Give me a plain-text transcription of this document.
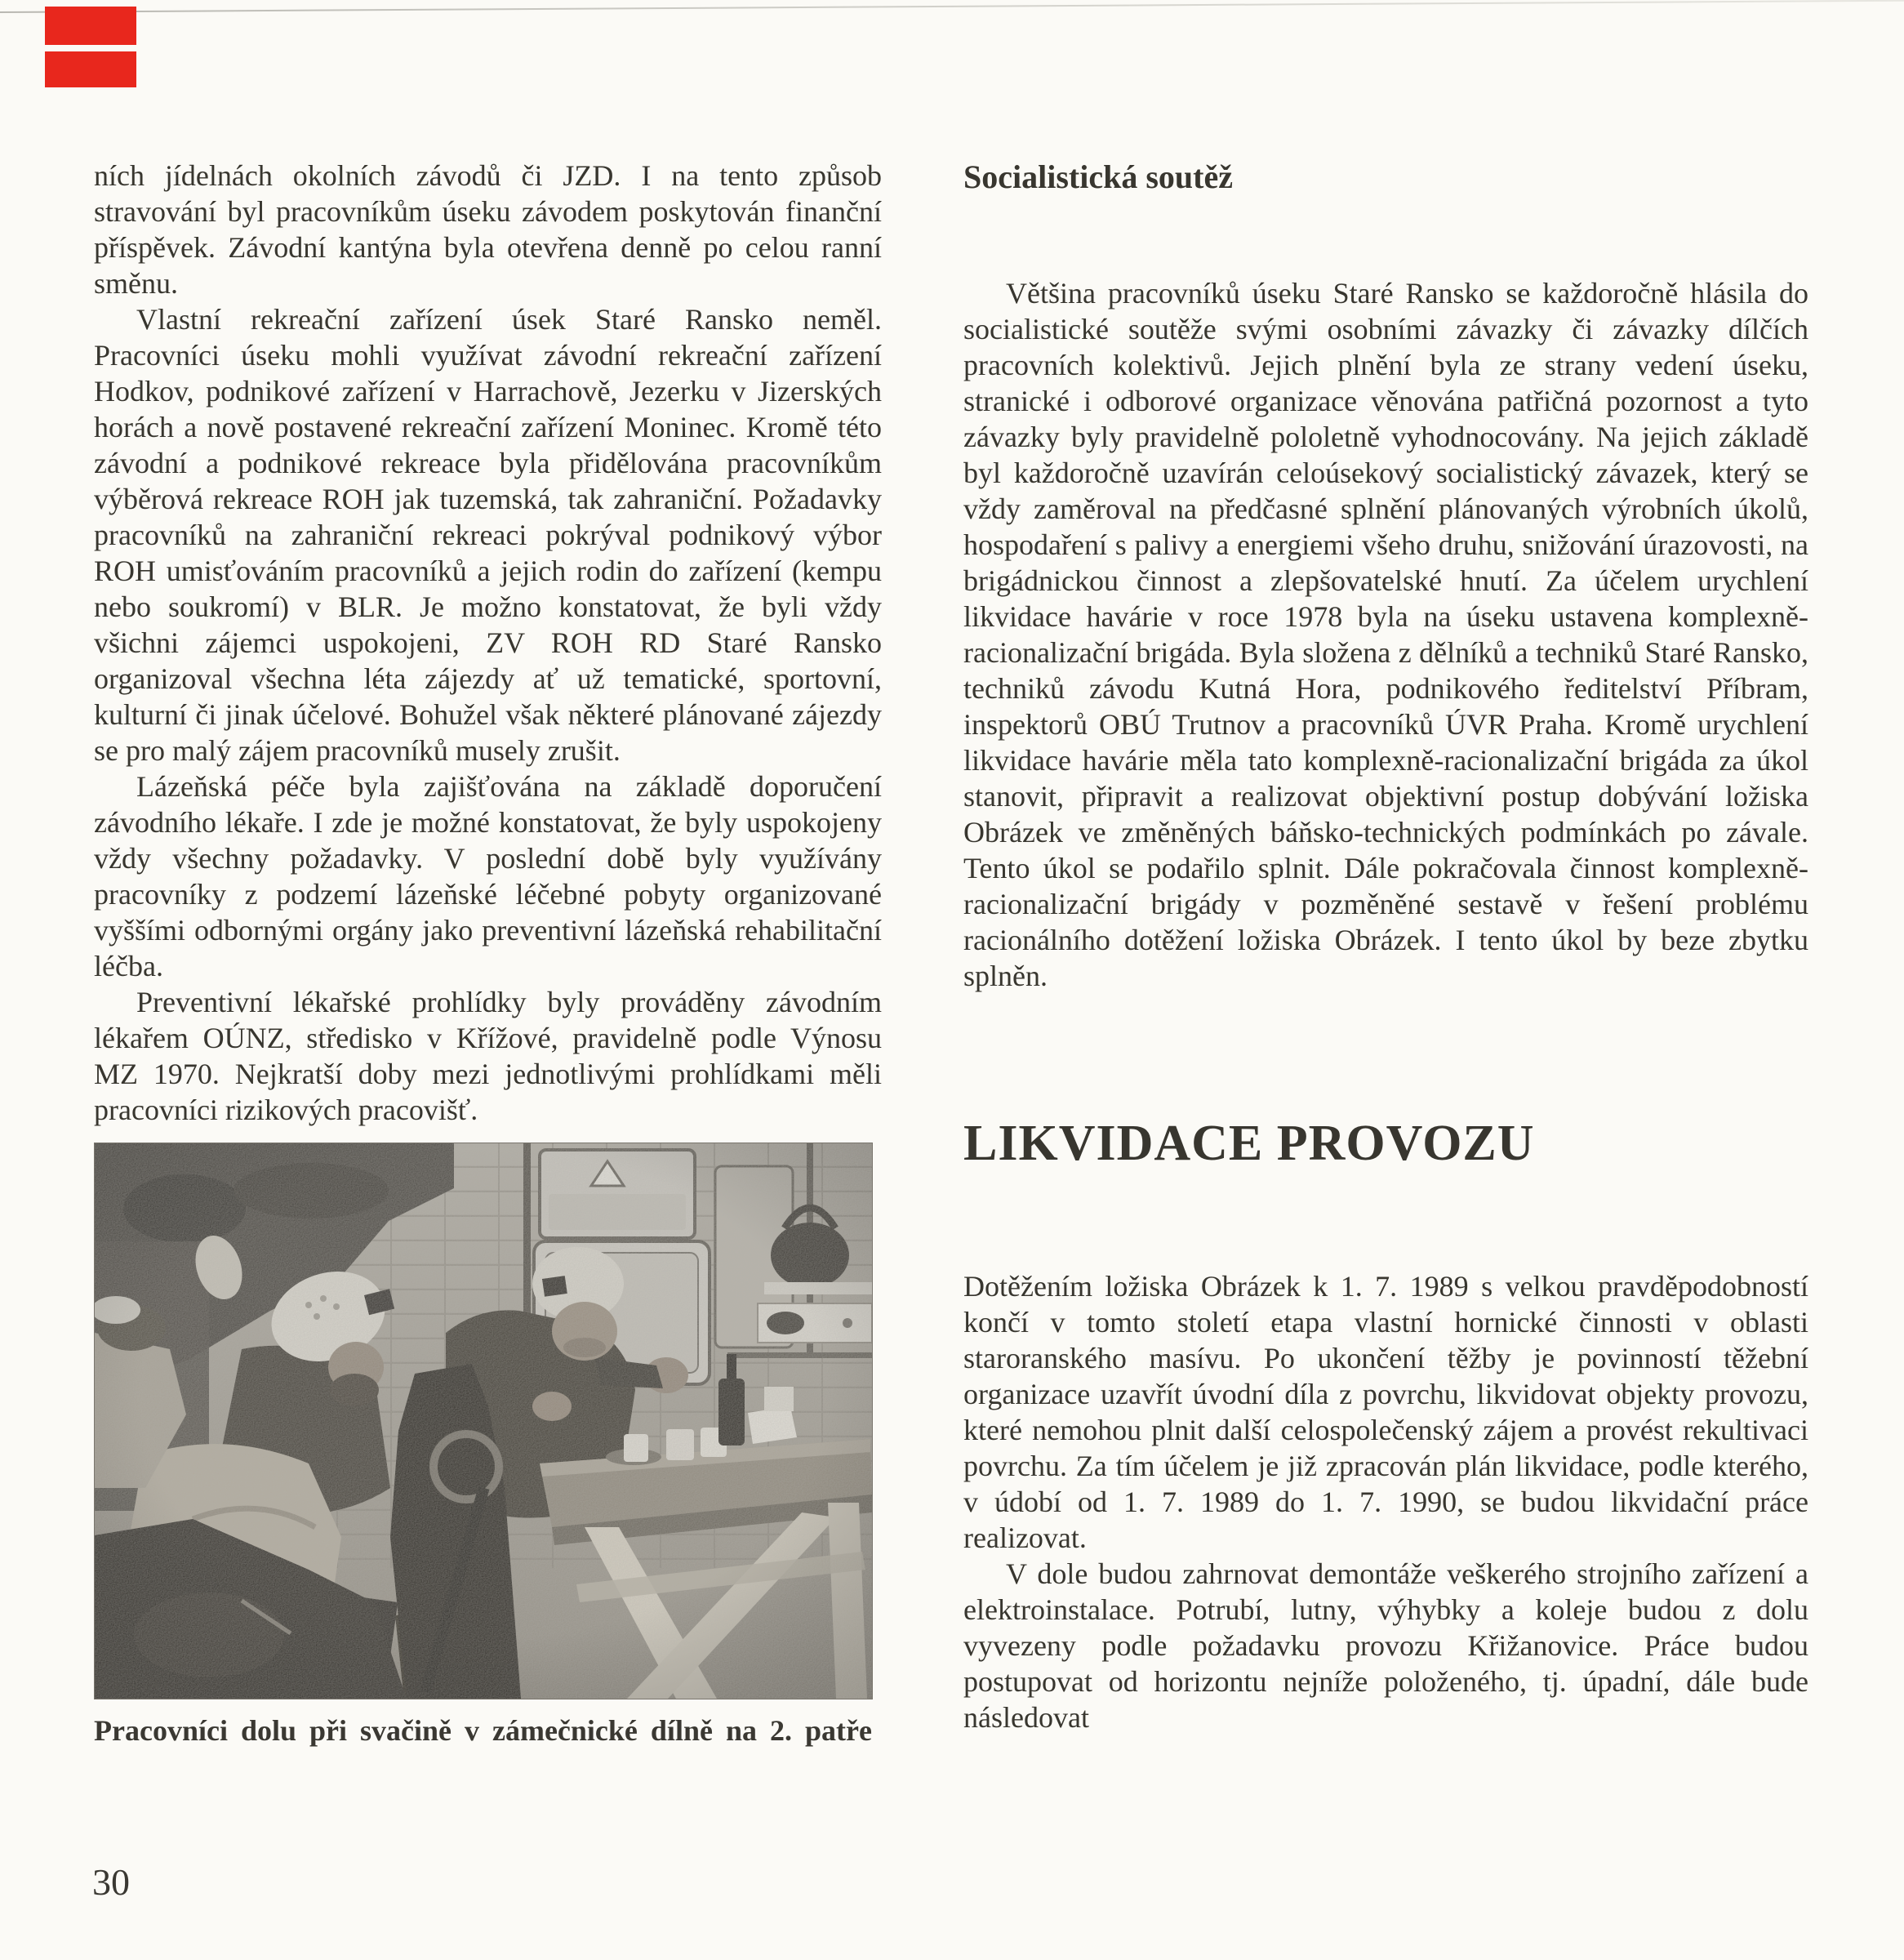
ních jídelnách okolních závodů či JZD. I na tento způsob stravování byl pracovníkům úseku závodem poskytován finanční příspěvek. Závodní kantýna byla otevřena denně po celou ranní směnu.

Vlastní rekreační zařízení úsek Staré Ransko neměl. Pracovníci úseku mohli využívat závodní rekreační zařízení Hodkov, podnikové zařízení v Harrachově, Jezerku v Jizerských horách a nově postavené rekreační zařízení Moninec. Kromě této závodní a podnikové rekreace byla přidělována pracovníkům výběrová rekreace ROH jak tuzemská, tak zahraniční. Požadavky pracovníků na zahraniční rekreaci pokrýval podnikový výbor ROH umisťováním pracovníků a jejich rodin do zařízení (kempu nebo soukromí) v BLR. Je možno konstatovat, že byli vždy všichni zájemci uspokojeni, ZV ROH RD Staré Ransko organizoval všechna léta zájezdy ať už tematické, sportovní, kulturní či jinak účelové. Bohužel však některé plánované zájezdy se pro malý zájem pracovníků musely zrušit.

Lázeňská péče byla zajišťována na základě doporučení závodního lékaře. I zde je možné konstatovat, že byly uspokojeny vždy všechny požadavky. V poslední době byly využívány pracovníky z podzemí lázeňské léčebné pobyty organizované vyššími odbornými orgány jako preventivní lázeňská rehabilitační léčba.

Preventivní lékařské prohlídky byly prováděny závodním lékařem OÚNZ, středisko v Křížové, pravidelně podle Výnosu MZ 1970. Nejkratší doby mezi jednotlivými prohlídkami měli pracovníci rizikových pracovišť.

Pracovníci dolu při svačině v zámečnické dílně na 2. patře
Socialistická soutěž

Většina pracovníků úseku Staré Ransko se každoročně hlásila do socialistické soutěže svými osobními závazky či závazky dílčích pracovních kolektivů. Jejich plnění byla ze strany vedení úseku, stranické i odborové organizace věnována patřičná pozornost a tyto závazky byly pravidelně pololetně vyhodnocovány. Na jejich základě byl každoročně uzavírán celoúsekový socialistický závazek, který se vždy zaměroval na předčasné splnění plánovaných výrobních úkolů, hospodaření s palivy a energiemi všeho druhu, snižování úrazovosti, na brigádnickou činnost a zlepšovatelské hnutí. Za účelem urychlení likvidace havárie v roce 1978 byla na úseku ustavena komplexně-racionalizační brigáda. Byla složena z dělníků a techniků Staré Ransko, techniků závodu Kutná Hora, podnikového ředitelství Příbram, inspektorů OBÚ Trutnov a pracovníků ÚVR Praha. Kromě urychlení likvidace havárie měla tato komplexně-racionalizační brigáda za úkol stanovit, připravit a realizovat objektivní postup dobývání ložiska Obrázek ve změněných báňsko-technických podmínkách po závale. Tento úkol se podařilo splnit. Dále pokračovala činnost komplexně-racionalizační brigády v pozměněné sestavě v řešení problému racionálního dotěžení ložiska Obrázek. I tento úkol by beze zbytku splněn.

LIKVIDACE PROVOZU

Dotěžením ložiska Obrázek k 1. 7. 1989 s velkou pravděpodobností končí v tomto století etapa vlastní hornické činnosti v oblasti staroranského masívu. Po ukončení těžby je povinností těžební organizace uzavřít úvodní díla z povrchu, likvidovat objekty provozu, které nemohou plnit další celospolečenský zájem a provést rekultivaci povrchu. Za tím účelem je již zpracován plán likvidace, podle kterého, v údobí od 1. 7. 1989 do 1. 7. 1990, se budou likvidační práce realizovat.

V dole budou zahrnovat demontáže veškerého strojního zařízení a elektroinstalace. Potrubí, lutny, výhybky a koleje budou z dolu vyvezeny podle požadavku provozu Křižanovice. Práce budou postupovat od horizontu nejníže položeného, tj. úpadní, dále bude následovat

30
